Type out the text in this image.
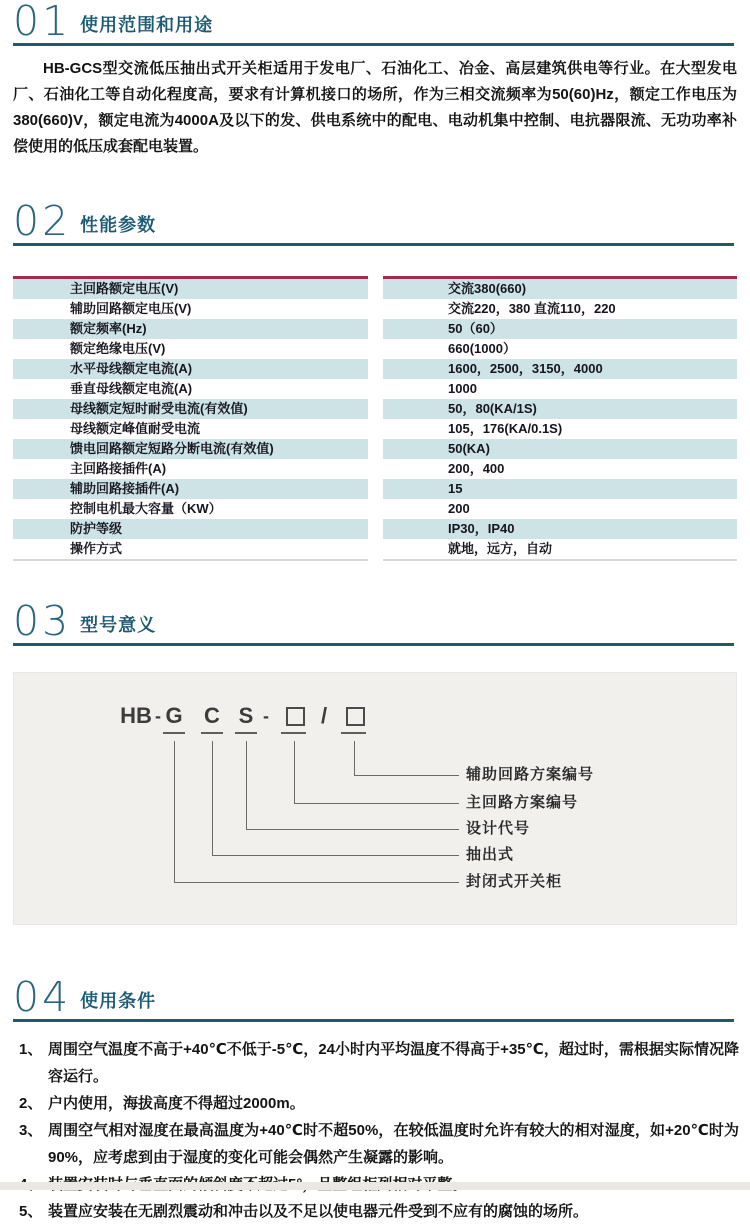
01 使用范围和用途
HB-GCS型交流低压抽出式开关柜适用于发电厂、石油化工、冶金、高层建筑供电等行业。在大型发电厂、石油化工等自动化程度高，要求有计算机接口的场所，作为三相交流频率为50(60)Hz，额定工作电压为380(660)V，额定电流为4000A及以下的发、供电系统中的配电、电动机集中控制、电抗器限流、无功功率补偿使用的低压成套配电装置。
02 性能参数
主回路额定电压(V)
辅助回路额定电压(V)
额定频率(Hz)
额定绝缘电压(V)
水平母线额定电流(A)
垂直母线额定电流(A)
母线额定短时耐受电流(有效值)
母线额定峰值耐受电流
馈电回路额定短路分断电流(有效值)
主回路接插件(A)
辅助回路接插件(A)
控制电机最大容量（KW）
防护等级
操作方式
交流380(660)
交流220，380 直流110，220
50（60）
660(1000）
1600，2500，3150，4000
1000
50，80(KA/1S)
105，176(KA/0.1S)
50(KA)
200，400
15
200
IP30，IP40
就地，远方，自动
03 型号意义
HB - G C S - /
辅助回路方案编号
主回路方案编号
设计代号
抽出式
封闭式开关柜
04 使用条件
1、 周围空气温度不高于+40℃不低于-5℃，24小时内平均温度不得高于+35℃，超过时，需根据实际情况降容运行。
2、 户内使用，海拔高度不得超过2000m。
3、 周围空气相对湿度在最高温度为+40℃时不超50%，在较低温度时允许有较大的相对湿度，如+20℃时为90%，应考虑到由于湿度的变化可能会偶然产生凝露的影响。
5、 装置应安装在无剧烈震动和冲击以及不足以使电器元件受到不应有的腐蚀的场所。
